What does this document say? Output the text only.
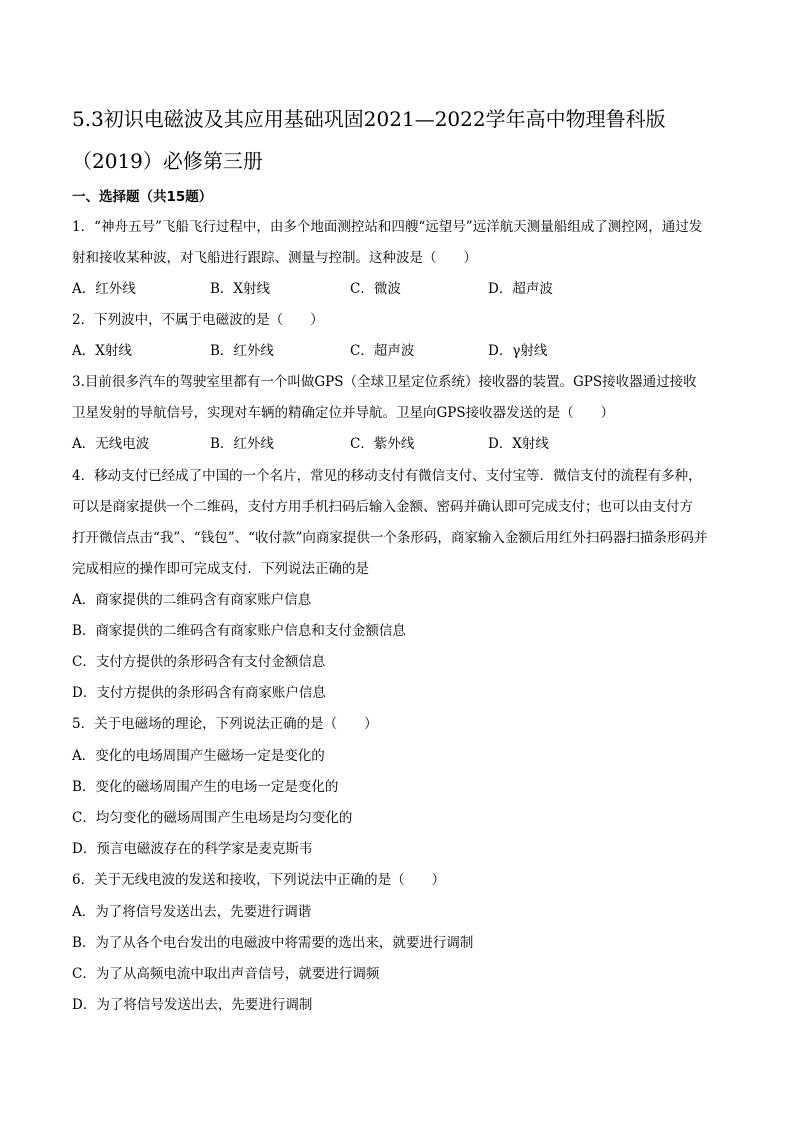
5.3初识电磁波及其应用基础巩固2021—2022学年高中物理鲁科版
（2019）必修第三册
一、选择题（共15题）
1．“神舟五号”飞船飞行过程中，由多个地面测控站和四艘“远望号”远洋航天测量船组成了测控网，通过发
射和接收某种波，对飞船进行跟踪、测量与控制。这种波是（　　）
A．红外线	B．X射线	C．微波	D．超声波
2．下列波中，不属于电磁波的是（　　）
A．X射线	B．红外线	C．超声波	D．γ射线
3.目前很多汽车的驾驶室里都有一个叫做GPS（全球卫星定位系统）接收器的装置。GPS接收器通过接收
卫星发射的导航信号，实现对车辆的精确定位并导航。卫星向GPS接收器发送的是（　　）
A．无线电波	B．红外线	C．紫外线	D．X射线
4．移动支付已经成了中国的一个名片，常见的移动支付有微信支付、支付宝等．微信支付的流程有多种，
可以是商家提供一个二维码，支付方用手机扫码后输入金额、密码并确认即可完成支付；也可以由支付方
打开微信点击“我”、“钱包”、“收付款”向商家提供一个条形码，商家输入金额后用红外扫码器扫描条形码并
完成相应的操作即可完成支付．下列说法正确的是
A．商家提供的二维码含有商家账户信息
B．商家提供的二维码含有商家账户信息和支付金额信息
C．支付方提供的条形码含有支付金额信息
D．支付方提供的条形码含有商家账户信息
5．关于电磁场的理论，下列说法正确的是（　　）
A．变化的电场周围产生磁场一定是变化的
B．变化的磁场周围产生的电场一定是变化的
C．均匀变化的磁场周围产生电场是均匀变化的
D．预言电磁波存在的科学家是麦克斯韦
6．关于无线电波的发送和接收，下列说法中正确的是（　　）
A．为了将信号发送出去，先要进行调谐
B．为了从各个电台发出的电磁波中将需要的选出来，就要进行调制
C．为了从高频电流中取出声音信号，就要进行调频
D．为了将信号发送出去，先要进行调制
